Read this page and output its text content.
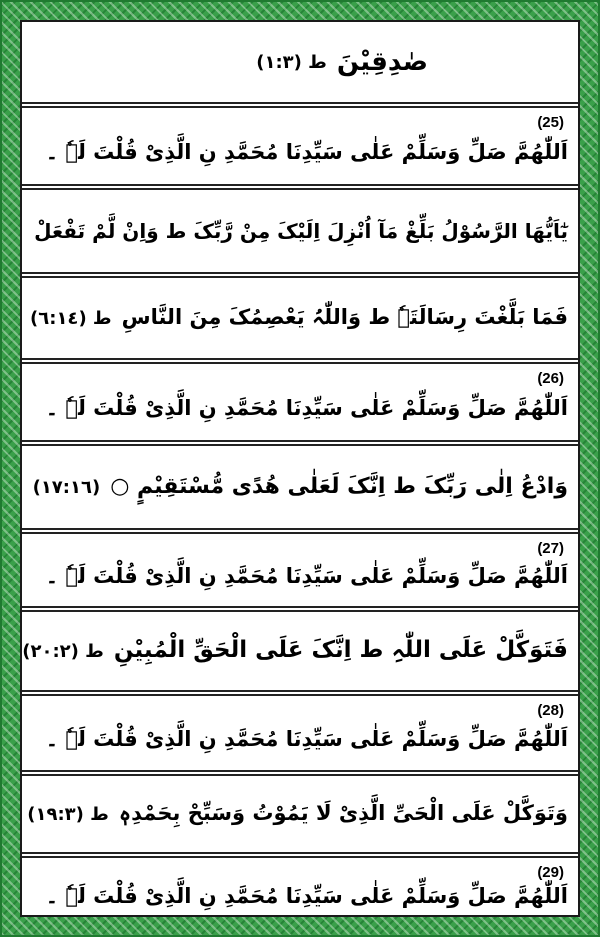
صٰدِقِيْنَ
ط (١:٣)
(25)
اَللّٰھُمَّ صَلِّ وَسَلِّمْ عَلٰی سَیِّدِنَا مُحَمَّدِ نِ الَّذِیْ قُلْتَ لَہٗ ۔
یٰٓاَیُّھَا الرَّسُوْلُ بَلِّغْ مَآ اُنْزِلَ اِلَیْکَ مِنْ رَّبِّکَ ط وَاِنْ لَّمْ تَفْعَلْ
فَمَا بَلَّغْتَ رِسَالَتَہٗ ط وَاللّٰہُ یَعْصِمُکَ مِنَ النَّاسِ
ط (٦:١٤)
(26)
اَللّٰھُمَّ صَلِّ وَسَلِّمْ عَلٰی سَیِّدِنَا مُحَمَّدِ نِ الَّذِیْ قُلْتَ لَہٗ ۔
وَادْعُ اِلٰی رَبِّکَ ط اِنَّکَ لَعَلٰی ھُدًی مُّسْتَقِیْمٍ ○
(١٧:١٦)
(27)
اَللّٰھُمَّ صَلِّ وَسَلِّمْ عَلٰی سَیِّدِنَا مُحَمَّدِ نِ الَّذِیْ قُلْتَ لَہٗ ۔
فَتَوَکَّلْ عَلَی اللّٰہِ ط اِنَّکَ عَلَی الْحَقِّ الْمُبِیْنِ
ط (٢٠:٢)
(28)
اَللّٰھُمَّ صَلِّ وَسَلِّمْ عَلٰی سَیِّدِنَا مُحَمَّدِ نِ الَّذِیْ قُلْتَ لَہٗ ۔
وَتَوَکَّلْ عَلَی الْحَیِّ الَّذِیْ لَا یَمُوْتُ وَسَبِّحْ بِحَمْدِہٖ
ط (١٩:٣)
(29)
اَللّٰھُمَّ صَلِّ وَسَلِّمْ عَلٰی سَیِّدِنَا مُحَمَّدِ نِ الَّذِیْ قُلْتَ لَہٗ ۔
